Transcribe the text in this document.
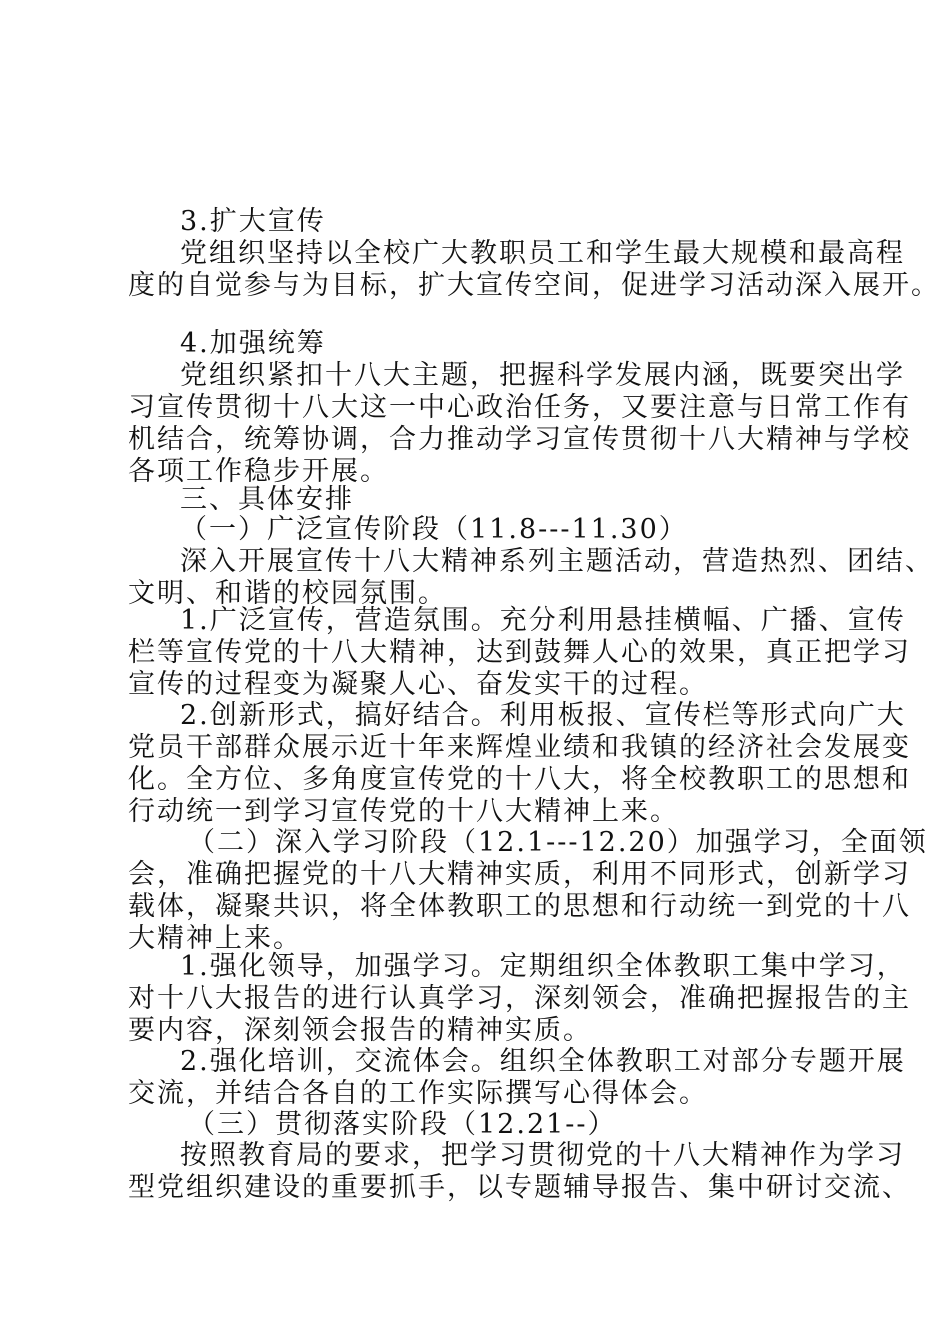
3.扩大宣传
党组织坚持以全校广大教职员工和学生最大规模和最高程
度的自觉参与为目标，扩大宣传空间，促进学习活动深入展开。
4.加强统筹
党组织紧扣十八大主题，把握科学发展内涵，既要突出学
习宣传贯彻十八大这一中心政治任务，又要注意与日常工作有
机结合，统筹协调，合力推动学习宣传贯彻十八大精神与学校
各项工作稳步开展。
三、具体安排
（一）广泛宣传阶段（11.8---11.30）
深入开展宣传十八大精神系列主题活动，营造热烈、团结、
文明、和谐的校园氛围。
1.广泛宣传，营造氛围。充分利用悬挂横幅、广播、宣传
栏等宣传党的十八大精神，达到鼓舞人心的效果，真正把学习
宣传的过程变为凝聚人心、奋发实干的过程。
2.创新形式，搞好结合。利用板报、宣传栏等形式向广大
党员干部群众展示近十年来辉煌业绩和我镇的经济社会发展变
化。全方位、多角度宣传党的十八大，将全校教职工的思想和
行动统一到学习宣传党的十八大精神上来。
（二）深入学习阶段（12.1---12.20）加强学习，全面领
会，准确把握党的十八大精神实质，利用不同形式，创新学习
载体，凝聚共识，将全体教职工的思想和行动统一到党的十八
大精神上来。
1.强化领导，加强学习。定期组织全体教职工集中学习，
对十八大报告的进行认真学习，深刻领会，准确把握报告的主
要内容，深刻领会报告的精神实质。
2.强化培训，交流体会。组织全体教职工对部分专题开展
交流，并结合各自的工作实际撰写心得体会。
（三）贯彻落实阶段（12.21--）
按照教育局的要求，把学习贯彻党的十八大精神作为学习
型党组织建设的重要抓手，以专题辅导报告、集中研讨交流、
